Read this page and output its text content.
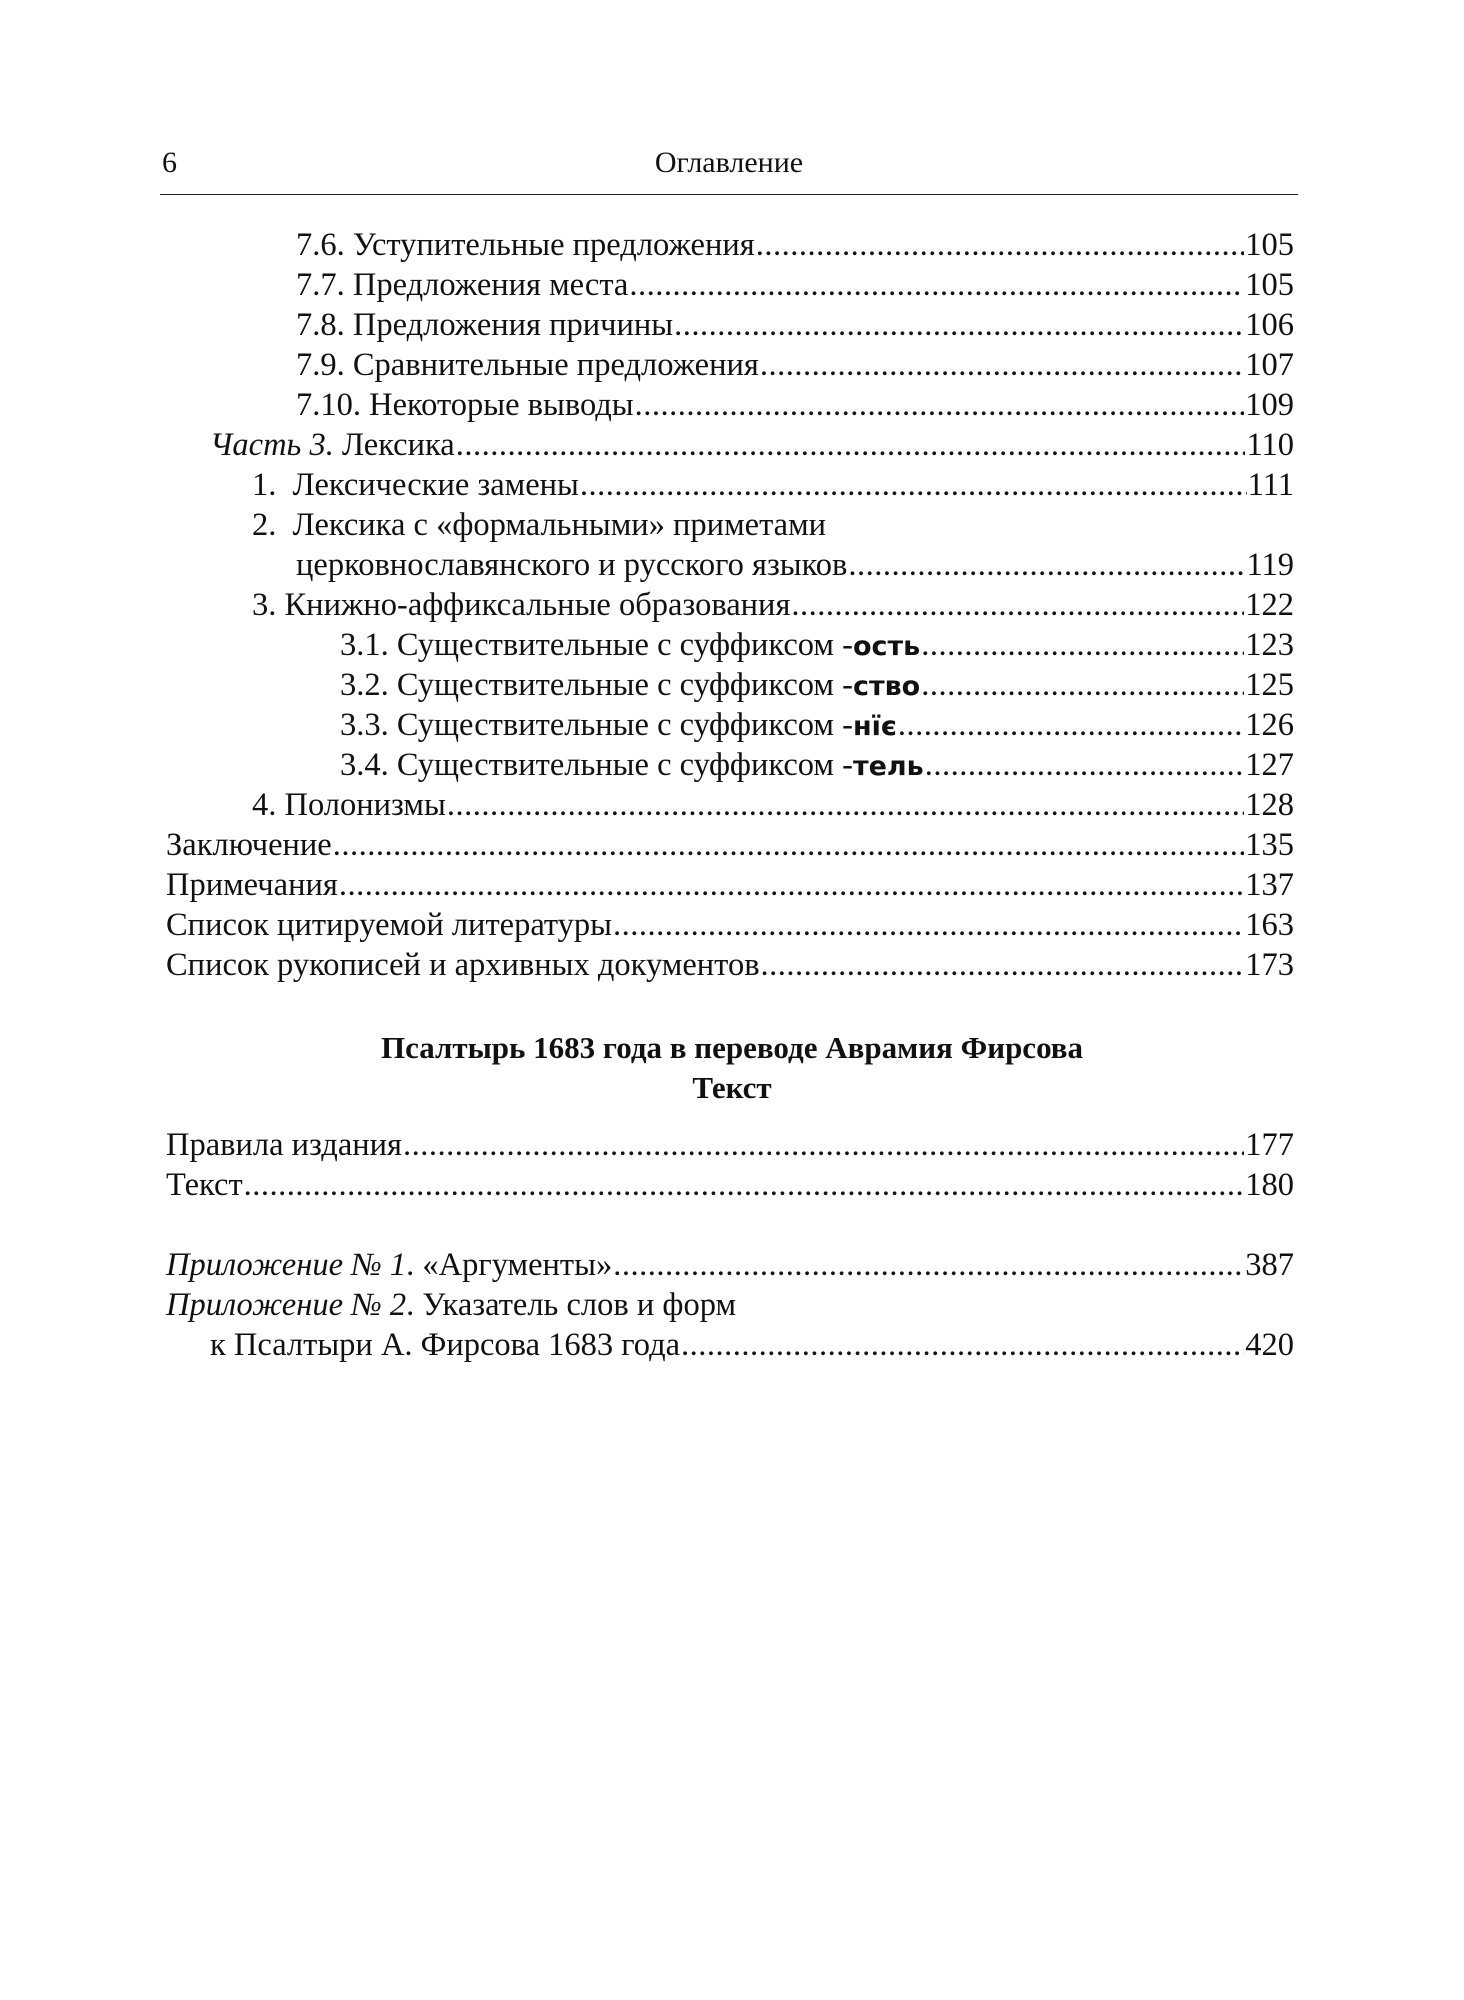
6	Оглавление
7.6. Уступительные предложения .....	105
7.7. Предложения места .....	105
7.8. Предложения причины .....	106
7.9. Сравнительные предложения .....	107
7.10. Некоторые выводы .....	109
Часть 3. Лексика .....	110
1.  Лексические замены .....	111
2.  Лексика с «формальными» приметами
церковнославянского и русского языков .....	119
3. Книжно-аффиксальные образования .....	122
3.1. Существительные с суффиксом -ость .....	123
3.2. Существительные с суффиксом -ство .....	125
3.3. Существительные с суффиксом -нїє .....	126
3.4. Существительные с суффиксом -тель .....	127
4. Полонизмы .....	128
Заключение .....	135
Примечания .....	137
Список цитируемой литературы .....	163
Список рукописей и архивных документов .....	173
Псалтырь 1683 года в переводе Аврамия Фирсова
Текст
Правила издания .....	177
Текст .....	180
Приложение № 1. «Аргументы» .....	387
Приложение № 2. Указатель слов и форм
к Псалтыри А. Фирсова 1683 года .....	420
